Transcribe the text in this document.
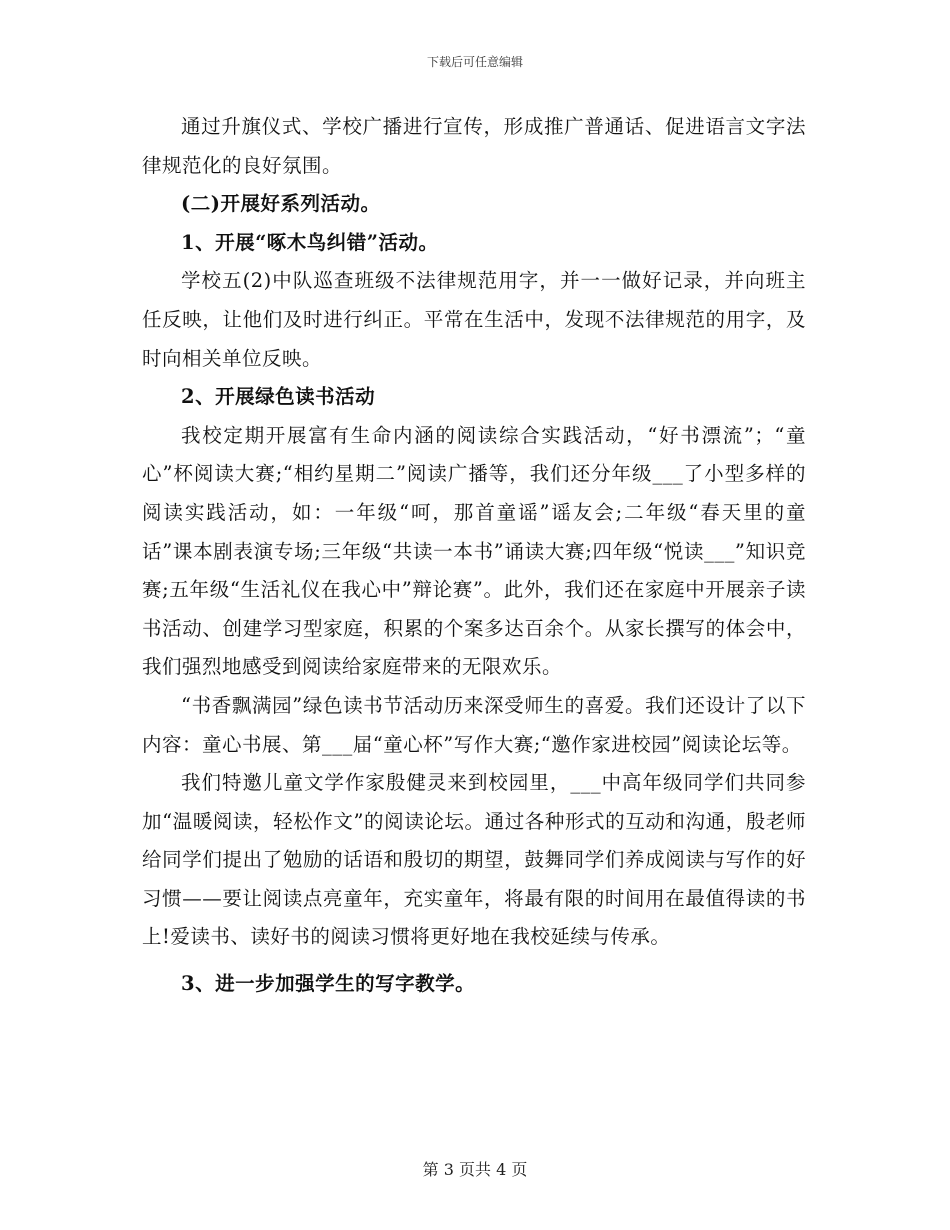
下载后可任意编辑

通过升旗仪式、学校广播进行宣传，形成推广普通话、促进语言文字法律规范化的良好氛围。

(二)开展好系列活动。

1、开展“啄木鸟纠错”活动。

学校五(2)中队巡查班级不法律规范用字，并一一做好记录，并向班主任反映，让他们及时进行纠正。平常在生活中，发现不法律规范的用字，及时向相关单位反映。

2、开展绿色读书活动

我校定期开展富有生命内涵的阅读综合实践活动，“好书漂流”；“童心”杯阅读大赛;“相约星期二”阅读广播等，我们还分年级___了小型多样的阅读实践活动，如：一年级“呵，那首童谣”谣友会;二年级“春天里的童话”课本剧表演专场;三年级“共读一本书”诵读大赛;四年级“悦读___”知识竞赛;五年级“生活礼仪在我心中”辩论赛”。此外，我们还在家庭中开展亲子读书活动、创建学习型家庭，积累的个案多达百余个。从家长撰写的体会中，我们强烈地感受到阅读给家庭带来的无限欢乐。

“书香飘满园”绿色读书节活动历来深受师生的喜爱。我们还设计了以下内容：童心书展、第___届“童心杯”写作大赛;“邀作家进校园”阅读论坛等。

我们特邀儿童文学作家殷健灵来到校园里，___中高年级同学们共同参加“温暖阅读，轻松作文”的阅读论坛。通过各种形式的互动和沟通，殷老师给同学们提出了勉励的话语和殷切的期望，鼓舞同学们养成阅读与写作的好习惯——要让阅读点亮童年，充实童年，将最有限的时间用在最值得读的书上!爱读书、读好书的阅读习惯将更好地在我校延续与传承。

3、进一步加强学生的写字教学。

第 3 页共 4 页
